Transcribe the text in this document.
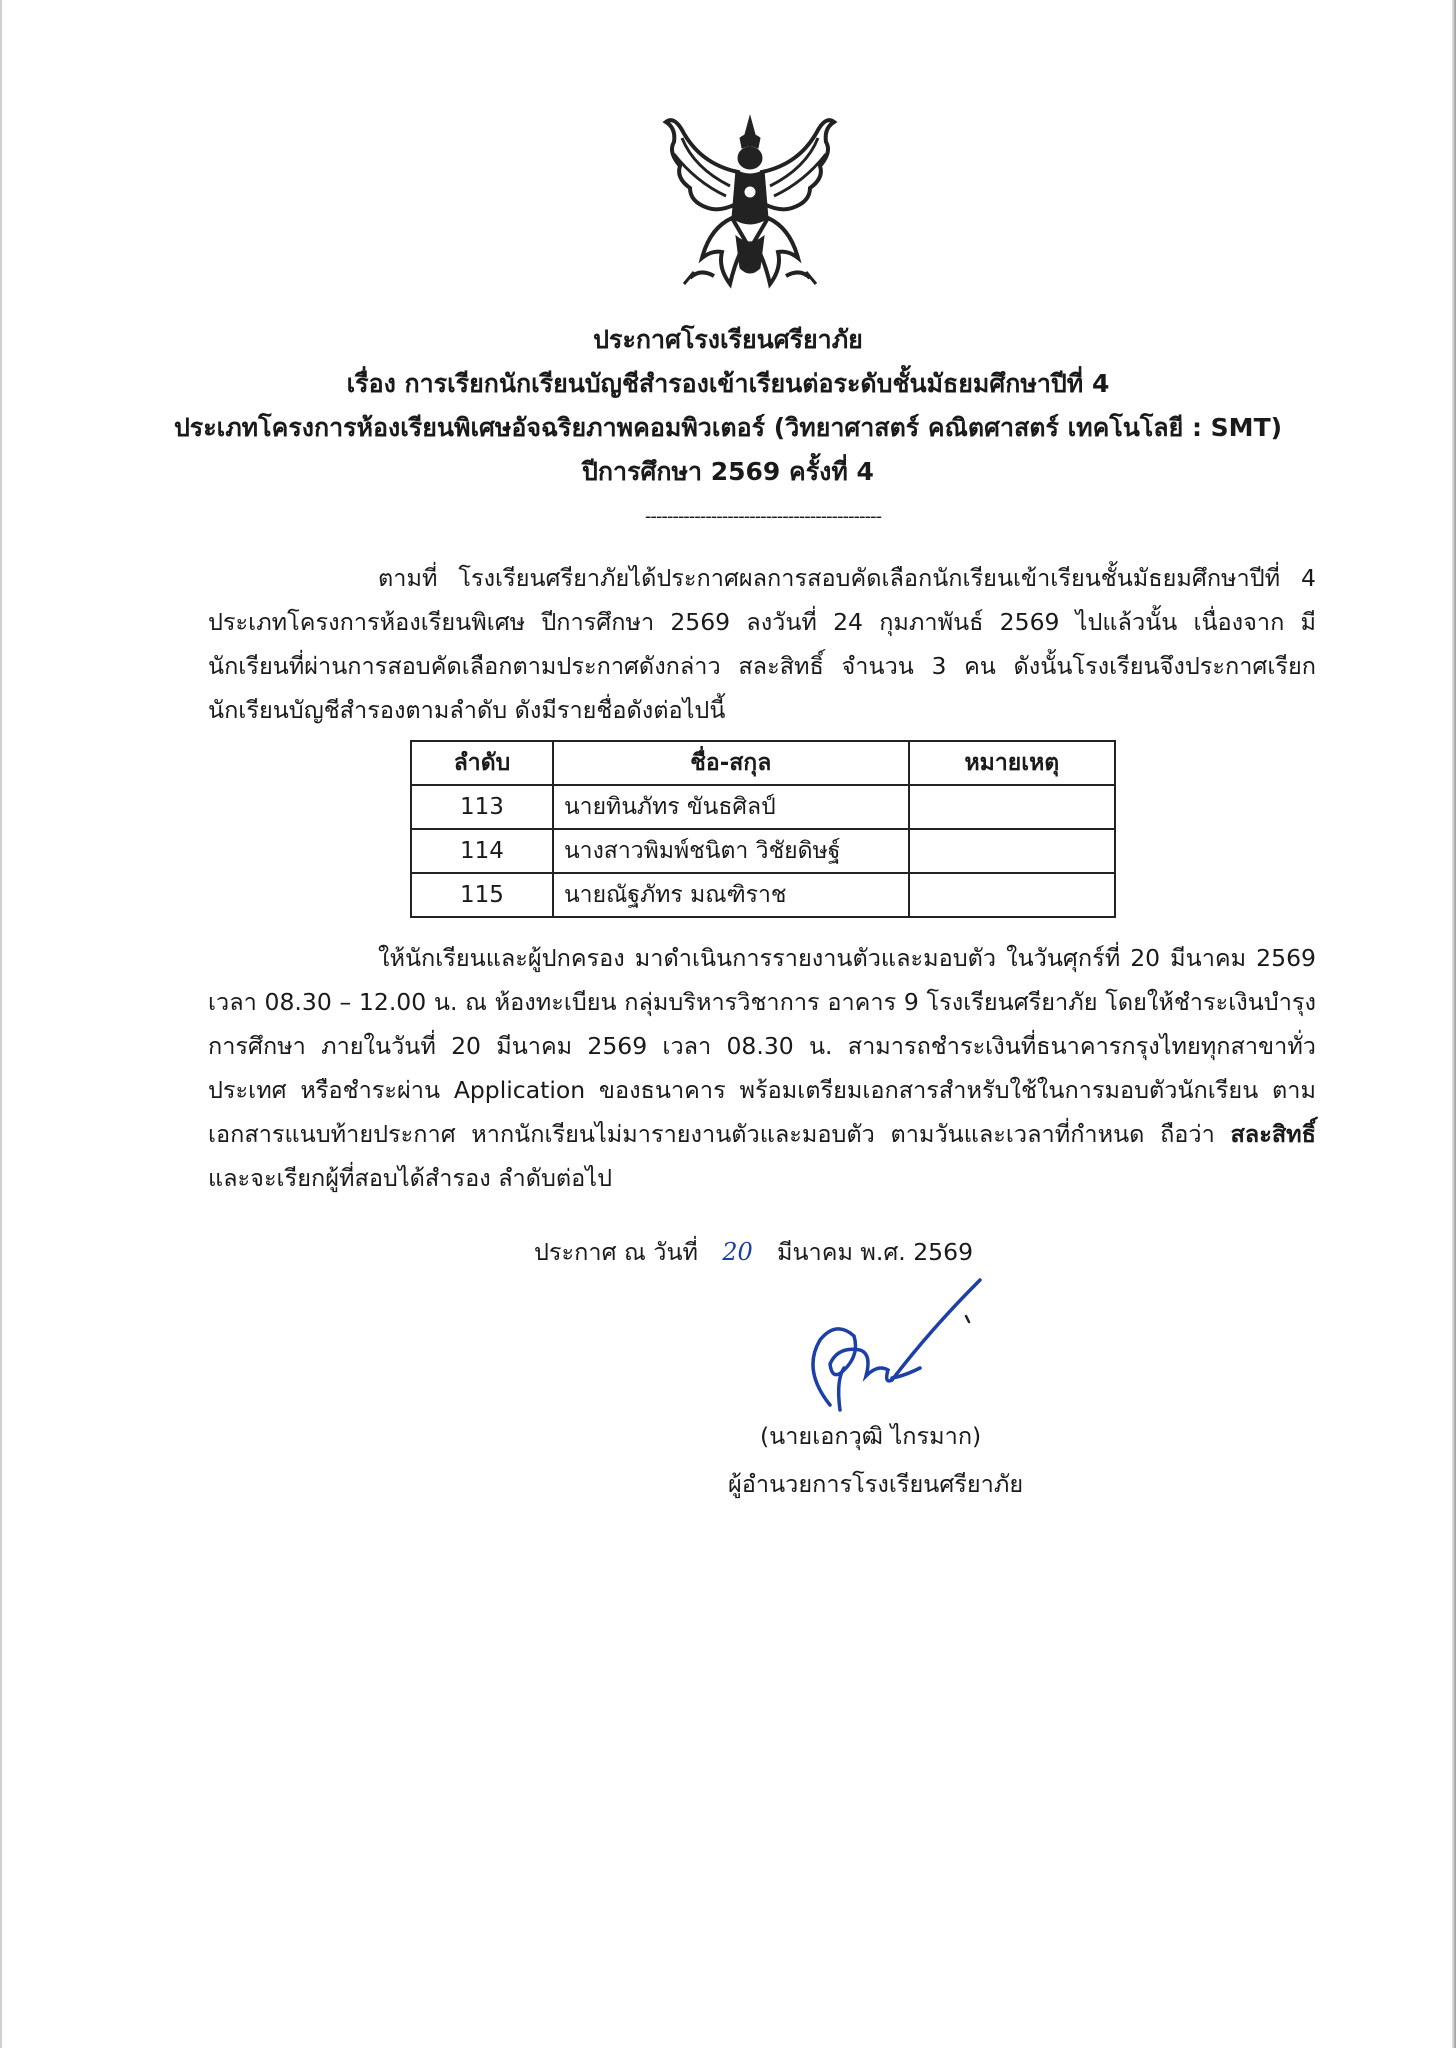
ประกาศโรงเรียนศรียาภัย
เรื่อง การเรียกนักเรียนบัญชีสำรองเข้าเรียนต่อระดับชั้นมัธยมศึกษาปีที่ 4
ประเภทโครงการห้องเรียนพิเศษอัจฉริยภาพคอมพิวเตอร์ (วิทยาศาสตร์ คณิตศาสตร์ เทคโนโลยี : SMT)
ปีการศึกษา 2569 ครั้งที่ 4
-------------------------------------------
ตามที่ โรงเรียนศรียาภัยได้ประกาศผลการสอบคัดเลือกนักเรียนเข้าเรียนชั้นมัธยมศึกษาปีที่ 4 ประเภทโครงการห้องเรียนพิเศษ ปีการศึกษา 2569 ลงวันที่ 24 กุมภาพันธ์ 2569 ไปแล้วนั้น เนื่องจาก มีนักเรียนที่ผ่านการสอบคัดเลือกตามประกาศดังกล่าว สละสิทธิ์ จำนวน 3 คน ดังนั้นโรงเรียนจึงประกาศเรียก นักเรียนบัญชีสำรองตามลำดับ ดังมีรายชื่อดังต่อไปนี้
ลำดับ	ชื่อ-สกุล	หมายเหตุ
113	นายทินภัทร ขันธศิลป์	
114	นางสาวพิมพ์ชนิตา วิชัยดิษฐ์	
115	นายณัฐภัทร มณฑิราช	
ให้นักเรียนและผู้ปกครอง มาดำเนินการรายงานตัวและมอบตัว ในวันศุกร์ที่ 20 มีนาคม 2569 เวลา 08.30 – 12.00 น. ณ ห้องทะเบียน กลุ่มบริหารวิชาการ อาคาร 9 โรงเรียนศรียาภัย โดยให้ชำระเงินบำรุงการศึกษา ภายในวันที่ 20 มีนาคม 2569 เวลา 08.30 น. สามารถชำระเงินที่ธนาคารกรุงไทยทุกสาขาทั่วประเทศ หรือชำระผ่าน Application ของธนาคาร พร้อมเตรียมเอกสารสำหรับใช้ในการมอบตัวนักเรียน ตามเอกสารแนบท้ายประกาศ หากนักเรียนไม่มารายงานตัวและมอบตัว ตามวันและเวลาที่กำหนด ถือว่า สละสิทธิ์ และจะเรียกผู้ที่สอบได้สำรอง ลำดับต่อไป
ประกาศ ณ วันที่ 20 มีนาคม พ.ศ. 2569
(นายเอกวุฒิ ไกรมาก)
ผู้อำนวยการโรงเรียนศรียาภัย
